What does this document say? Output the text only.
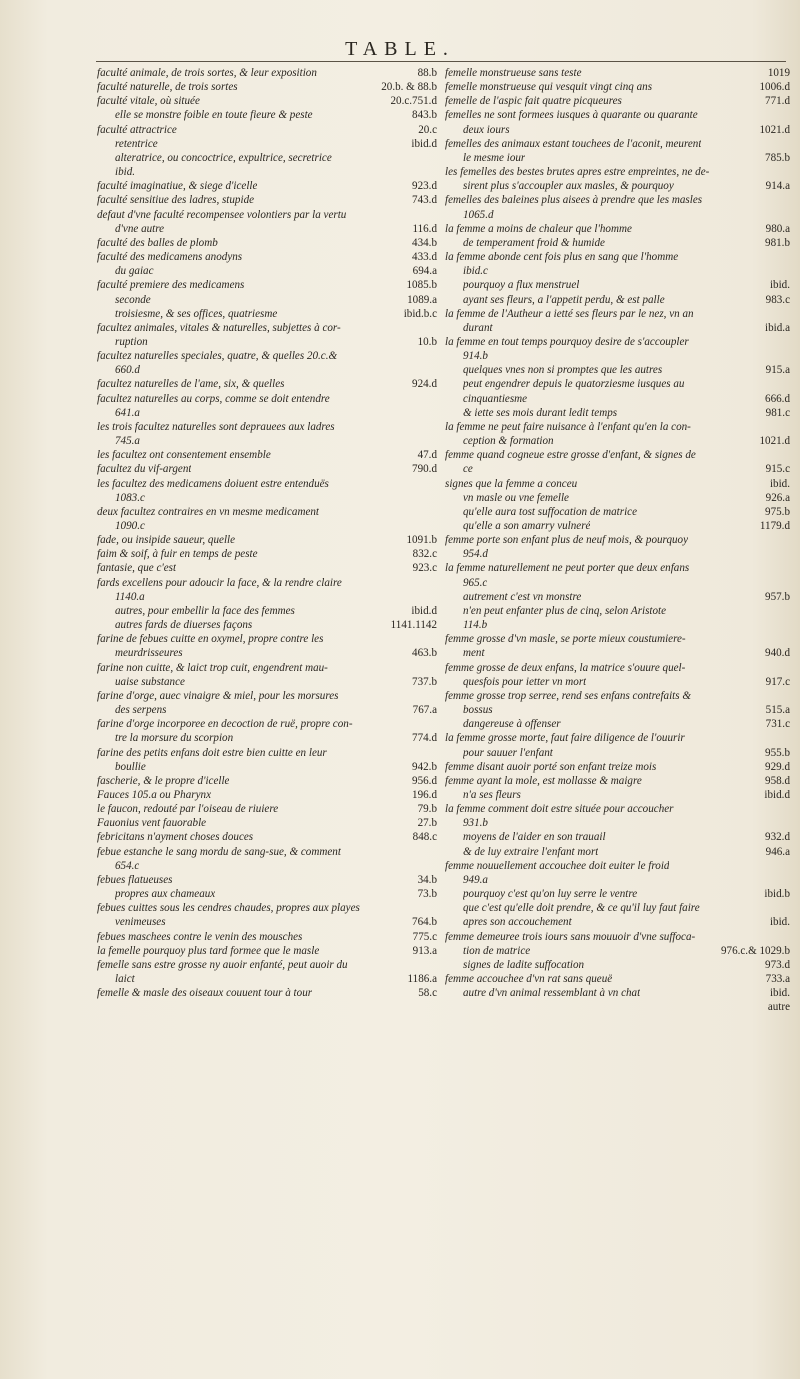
TABLE.
faculté animale, de trois sortes, & leur exposition	88.b
faculté naturelle, de trois sortes	20.b. & 88.b
faculté vitale, où située	20.c.751.d
elle se monstre foible en toute fieure & peste	843.b
faculté attractrice	20.c
retentrice	ibid.d
alteratrice, ou concoctrice, expultrice, secretrice
ibid.
faculté imaginatiue, & siege d'icelle	923.d
faculté sensitiue des ladres, stupide	743.d
defaut d'vne faculté recompensee volontiers par la vertu
d'vne autre	116.d
faculté des balles de plomb	434.b
faculté des medicamens anodyns	433.d
du gaiac	694.a
faculté premiere des medicamens	1085.b
seconde	1089.a
troisiesme, & ses offices, quatriesme	ibid.b.c
facultez animales, vitales & naturelles, subjettes à cor-
ruption	10.b
facultez naturelles speciales, quatre, & quelles 20.c.&
660.d
facultez naturelles de l'ame, six, & quelles	924.d
facultez naturelles au corps, comme se doit entendre
641.a
les trois facultez naturelles sont deprauees aux ladres
745.a
les facultez ont consentement ensemble	47.d
facultez du vif-argent	790.d
les facultez des medicamens doiuent estre entenduës
1083.c
deux facultez contraires en vn mesme medicament
1090.c
fade, ou insipide saueur, quelle	1091.b
faim & soif, à fuir en temps de peste	832.c
fantasie, que c'est	923.c
fards excellens pour adoucir la face, & la rendre claire
1140.a
autres, pour embellir la face des femmes	ibid.d
autres fards de diuerses façons	1141.1142
farine de febues cuitte en oxymel, propre contre les
meurdrisseures	463.b
farine non cuitte, & laict trop cuit, engendrent mau-
uaise substance	737.b
farine d'orge, auec vinaigre & miel, pour les morsures
des serpens	767.a
farine d'orge incorporee en decoction de ruë, propre con-
tre la morsure du scorpion	774.d
farine des petits enfans doit estre bien cuitte en leur
boullie	942.b
fascherie, & le propre d'icelle	956.d
Fauces 105.a ou Pharynx	196.d
le faucon, redouté par l'oiseau de riuiere	79.b
Fauonius vent fauorable	27.b
febricitans n'ayment choses douces	848.c
febue estanche le sang mordu de sang-sue, & comment
654.c
febues flatueuses	34.b
propres aux chameaux	73.b
febues cuittes sous les cendres chaudes, propres aux playes
venimeuses	764.b
febues maschees contre le venin des mousches	775.c
la femelle pourquoy plus tard formee que le masle	913.a
femelle sans estre grosse ny auoir enfanté, peut auoir du
laict	1186.a
femelle & masle des oiseaux couuent tour à tour	58.c
femelle monstrueuse sans teste	1019
femelle monstrueuse qui vesquit vingt cinq ans	1006.d
femelle de l'aspic fait quatre picqueures	771.d
femelles ne sont formees iusques à quarante ou quarante
deux iours	1021.d
femelles des animaux estant touchees de l'aconit, meurent
le mesme iour	785.b
les femelles des bestes brutes apres estre empreintes, ne de-
sirent plus s'accoupler aux masles, & pourquoy	914.a
femelles des baleines plus aisees à prendre que les masles
1065.d
la femme a moins de chaleur que l'homme	980.a
de temperament froid & humide	981.b
la femme abonde cent fois plus en sang que l'homme
ibid.c
pourquoy a flux menstruel	ibid.
ayant ses fleurs, a l'appetit perdu, & est palle	983.c
la femme de l'Autheur a ietté ses fleurs par le nez, vn an
durant	ibid.a
la femme en tout temps pourquoy desire de s'accoupler
914.b
quelques vnes non si promptes que les autres	915.a
peut engendrer depuis le quatorziesme iusques au
cinquantiesme	666.d
& iette ses mois durant ledit temps	981.c
la femme ne peut faire nuisance à l'enfant qu'en la con-
ception & formation	1021.d
femme quand cogneue estre grosse d'enfant, & signes de
ce	915.c
signes que la femme a conceu	ibid.
vn masle ou vne femelle	926.a
qu'elle aura tost suffocation de matrice	975.b
qu'elle a son amarry vulneré	1179.d
femme porte son enfant plus de neuf mois, & pourquoy
954.d
la femme naturellement ne peut porter que deux enfans
965.c
autrement c'est vn monstre	957.b
n'en peut enfanter plus de cinq, selon Aristote
114.b
femme grosse d'vn masle, se porte mieux coustumiere-
ment	940.d
femme grosse de deux enfans, la matrice s'ouure quel-
quesfois pour ietter vn mort	917.c
femme grosse trop serree, rend ses enfans contrefaits &
bossus	515.a
dangereuse à offenser	731.c
la femme grosse morte, faut faire diligence de l'ouurir
pour sauuer l'enfant	955.b
femme disant auoir porté son enfant treize mois	929.d
femme ayant la mole, est mollasse & maigre	958.d
n'a ses fleurs	ibid.d
la femme comment doit estre située pour accoucher
931.b
moyens de l'aider en son trauail	932.d
& de luy extraire l'enfant mort	946.a
femme nouuellement accouchee doit euiter le froid
949.a
pourquoy c'est qu'on luy serre le ventre	ibid.b
que c'est qu'elle doit prendre, & ce qu'il luy faut faire
apres son accouchement	ibid.
femme demeuree trois iours sans mouuoir d'vne suffoca-
tion de matrice	976.c.& 1029.b
signes de ladite suffocation	973.d
femme accouchee d'vn rat sans queuë	733.a
autre d'vn animal ressemblant à vn chat	ibid.
autre
